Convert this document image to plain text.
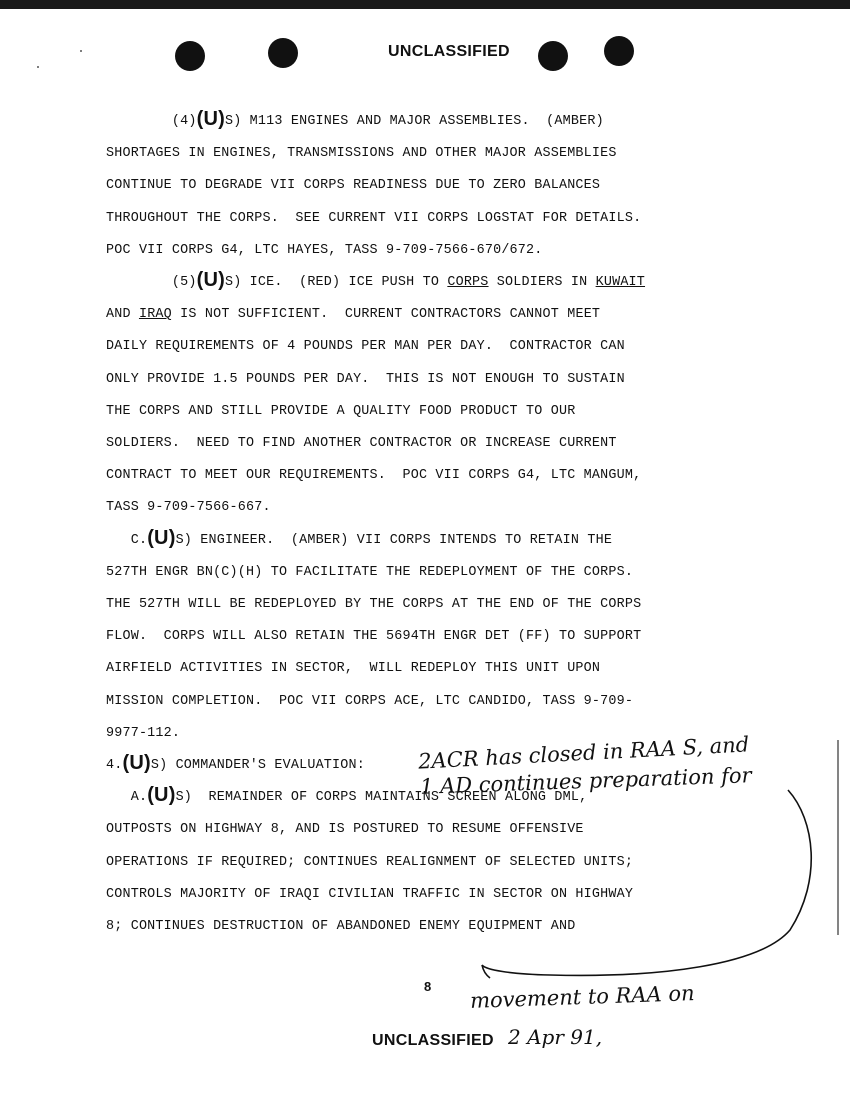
UNCLASSIFIED
(4)(U)S) M113 ENGINES AND MAJOR ASSEMBLIES.  (AMBER)
SHORTAGES IN ENGINES, TRANSMISSIONS AND OTHER MAJOR ASSEMBLIES
CONTINUE TO DEGRADE VII CORPS READINESS DUE TO ZERO BALANCES
THROUGHOUT THE CORPS.  SEE CURRENT VII CORPS LOGSTAT FOR DETAILS.
POC VII CORPS G4, LTC HAYES, TASS 9-709-7566-670/672.
(5)(U)S) ICE.  (RED) ICE PUSH TO CORPS SOLDIERS IN KUWAIT
AND IRAQ IS NOT SUFFICIENT.  CURRENT CONTRACTORS CANNOT MEET
DAILY REQUIREMENTS OF 4 POUNDS PER MAN PER DAY.  CONTRACTOR CAN
ONLY PROVIDE 1.5 POUNDS PER DAY.  THIS IS NOT ENOUGH TO SUSTAIN
THE CORPS AND STILL PROVIDE A QUALITY FOOD PRODUCT TO OUR
SOLDIERS.  NEED TO FIND ANOTHER CONTRACTOR OR INCREASE CURRENT
CONTRACT TO MEET OUR REQUIREMENTS.  POC VII CORPS G4, LTC MANGUM,
TASS 9-709-7566-667.
C.(U)S) ENGINEER.  (AMBER) VII CORPS INTENDS TO RETAIN THE
527TH ENGR BN(C)(H) TO FACILITATE THE REDEPLOYMENT OF THE CORPS.
THE 527TH WILL BE REDEPLOYED BY THE CORPS AT THE END OF THE CORPS
FLOW.  CORPS WILL ALSO RETAIN THE 5694TH ENGR DET (FF) TO SUPPORT
AIRFIELD ACTIVITIES IN SECTOR,  WILL REDEPLOY THIS UNIT UPON
MISSION COMPLETION.  POC VII CORPS ACE, LTC CANDIDO, TASS 9-709-
9977-112.
4.(U)S) COMMANDER'S EVALUATION:
A.(U)S)  REMAINDER OF CORPS MAINTAINS SCREEN ALONG DML,
OUTPOSTS ON HIGHWAY 8, AND IS POSTURED TO RESUME OFFENSIVE
OPERATIONS IF REQUIRED; CONTINUES REALIGNMENT OF SELECTED UNITS;
CONTROLS MAJORITY OF IRAQI CIVILIAN TRAFFIC IN SECTOR ON HIGHWAY
8; CONTINUES DESTRUCTION OF ABANDONED ENEMY EQUIPMENT AND
2ACR has closed in RAA S, and
1 AD continues preparation for
movement to RAA on
2 Apr 91,
8
UNCLASSIFIED
